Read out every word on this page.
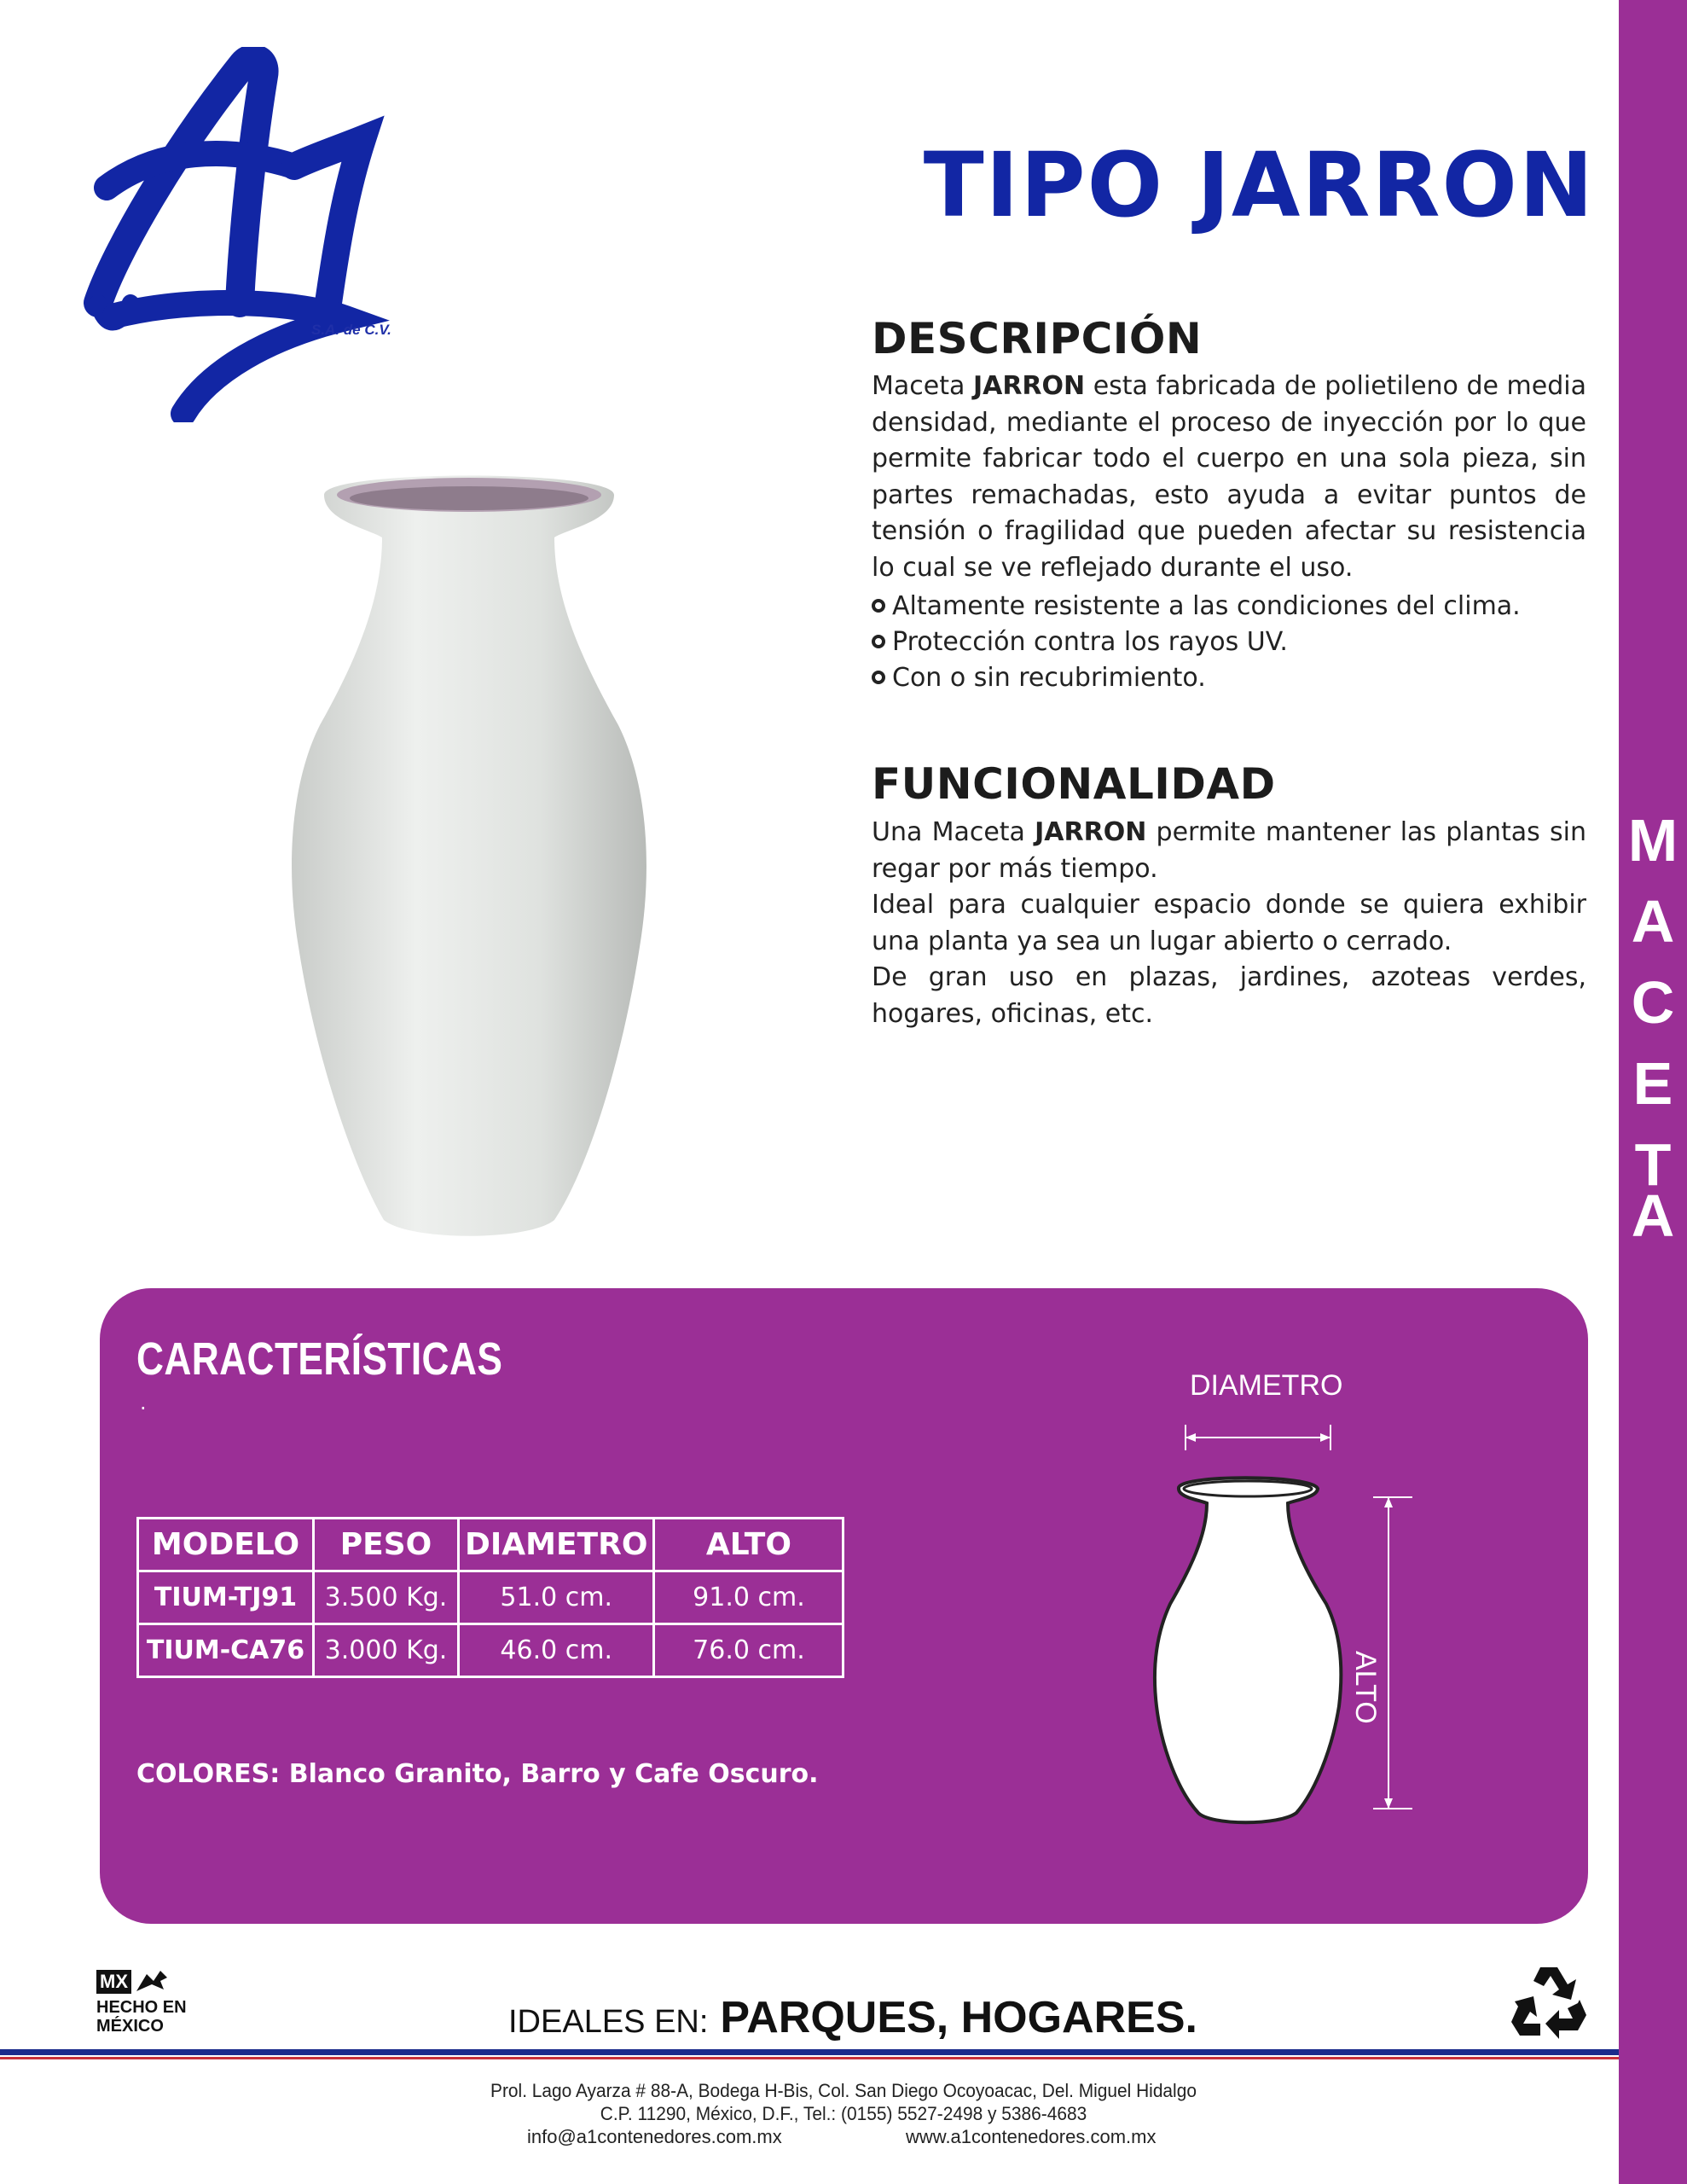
M
A
C
E
T
A
S.A. de C.V.
TIPO JARRON
DESCRIPCIÓN

Maceta JARRON esta fabricada de polietileno de media densidad, mediante el proceso de inyección por lo que permite fabricar todo el cuerpo en una sola pieza, sin partes remachadas, esto ayuda a evitar puntos de tensión o fragilidad que pueden afectar su resistencia lo cual se ve reflejado durante el uso.

Altamente resistente a las condiciones del clima.
Protección contra los rayos UV.
Con o sin recubrimiento.
FUNCIONALIDAD

Una Maceta JARRON permite mantener las plantas sin regar por más tiempo.
Ideal para cualquier espacio donde se quiera exhibir una planta ya sea un lugar abierto o cerrado.
De gran uso en plazas, jardines, azoteas verdes, hogares, oficinas, etc.

CARACTERÍSTICAS
.
MODELO	PESO	DIAMETRO	ALTO
TIUM-TJ91	3.500 Kg.	51.0 cm.	91.0 cm.
TIUM-CA76	3.000 Kg.	46.0 cm.	76.0 cm.
COLORES: Blanco Granito, Barro y Cafe Oscuro.
DIAMETRO
ALTO
MX
HECHO EN
MÉXICO	IDEALES EN: PARQUES, HOGARES.
Prol. Lago Ayarza # 88-A, Bodega H-Bis, Col. San Diego Ocoyoacac, Del. Miguel Hidalgo
C.P. 11290, México, D.F., Tel.: (0155) 5527-2498 y 5386-4683
info@a1contenedores.com.mx	www.a1contenedores.com.mx
